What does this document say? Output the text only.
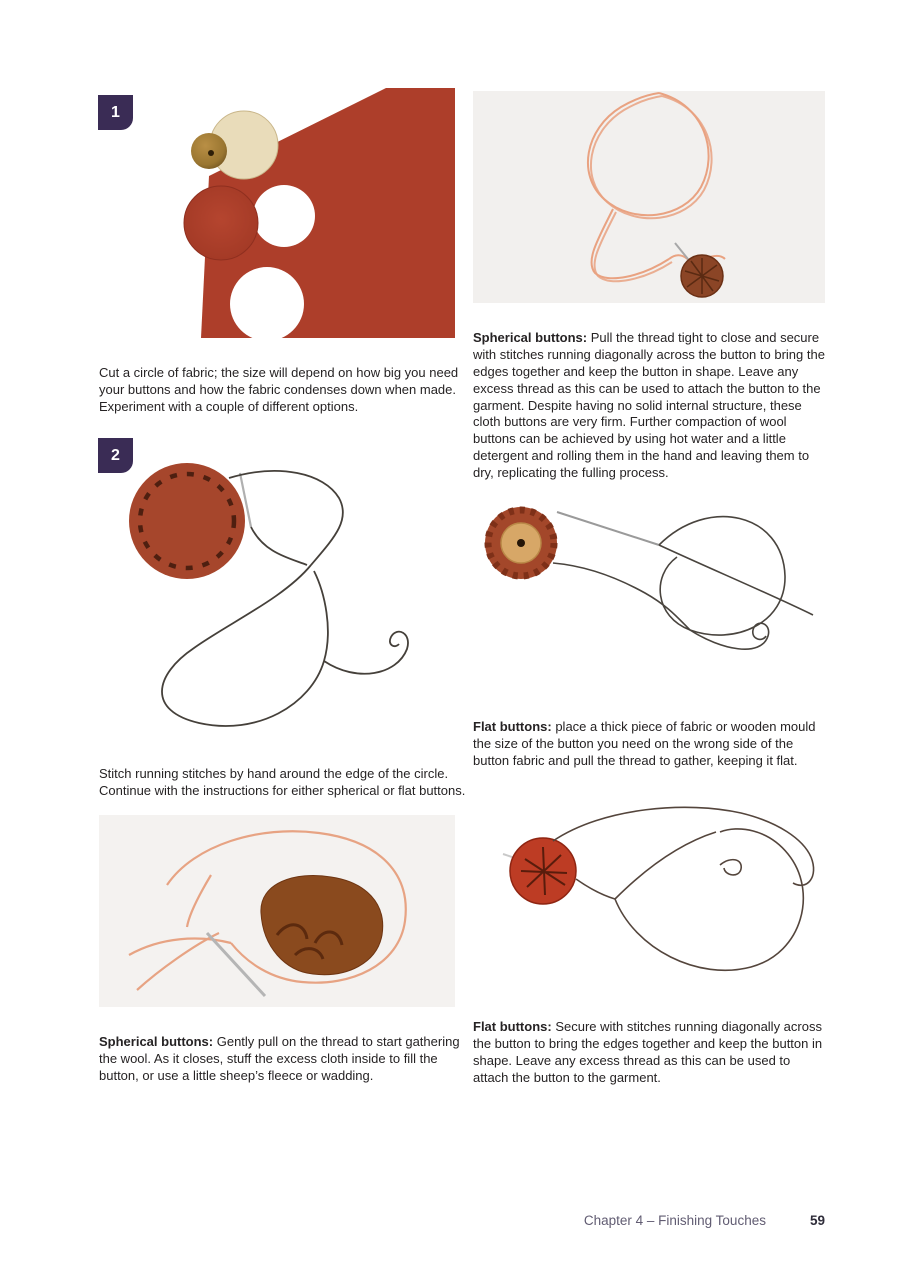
1

Cut a circle of fabric; the size will depend on how big you need your buttons and how the fabric condenses down when made. Experiment with a couple of different options.

Spherical buttons: Pull the thread tight to close and secure with stitches running diagonally across the button to bring the edges together and keep the button in shape. Leave any excess thread as this can be used to attach the button to the garment. Despite having no solid internal structure, these cloth buttons are very firm. Further compaction of wool buttons can be achieved by using hot water and a little detergent and rolling them in the hand and leaving them to dry, replicating the fulling process.

2

Stitch running stitches by hand around the edge of the circle. Continue with the instructions for either spherical or flat buttons.

Flat buttons: place a thick piece of fabric or wooden mould the size of the button you need on the wrong side of the button fabric and pull the thread to gather, keeping it flat.

Spherical buttons: Gently pull on the thread to start gathering the wool. As it closes, stuff the excess cloth inside to fill the button, or use a little sheep’s fleece or wadding.

Flat buttons: Secure with stitches running diagonally across the button to bring the edges together and keep the button in shape. Leave any excess thread as this can be used to attach the button to the garment.

Chapter 4 – Finishing Touches	59
